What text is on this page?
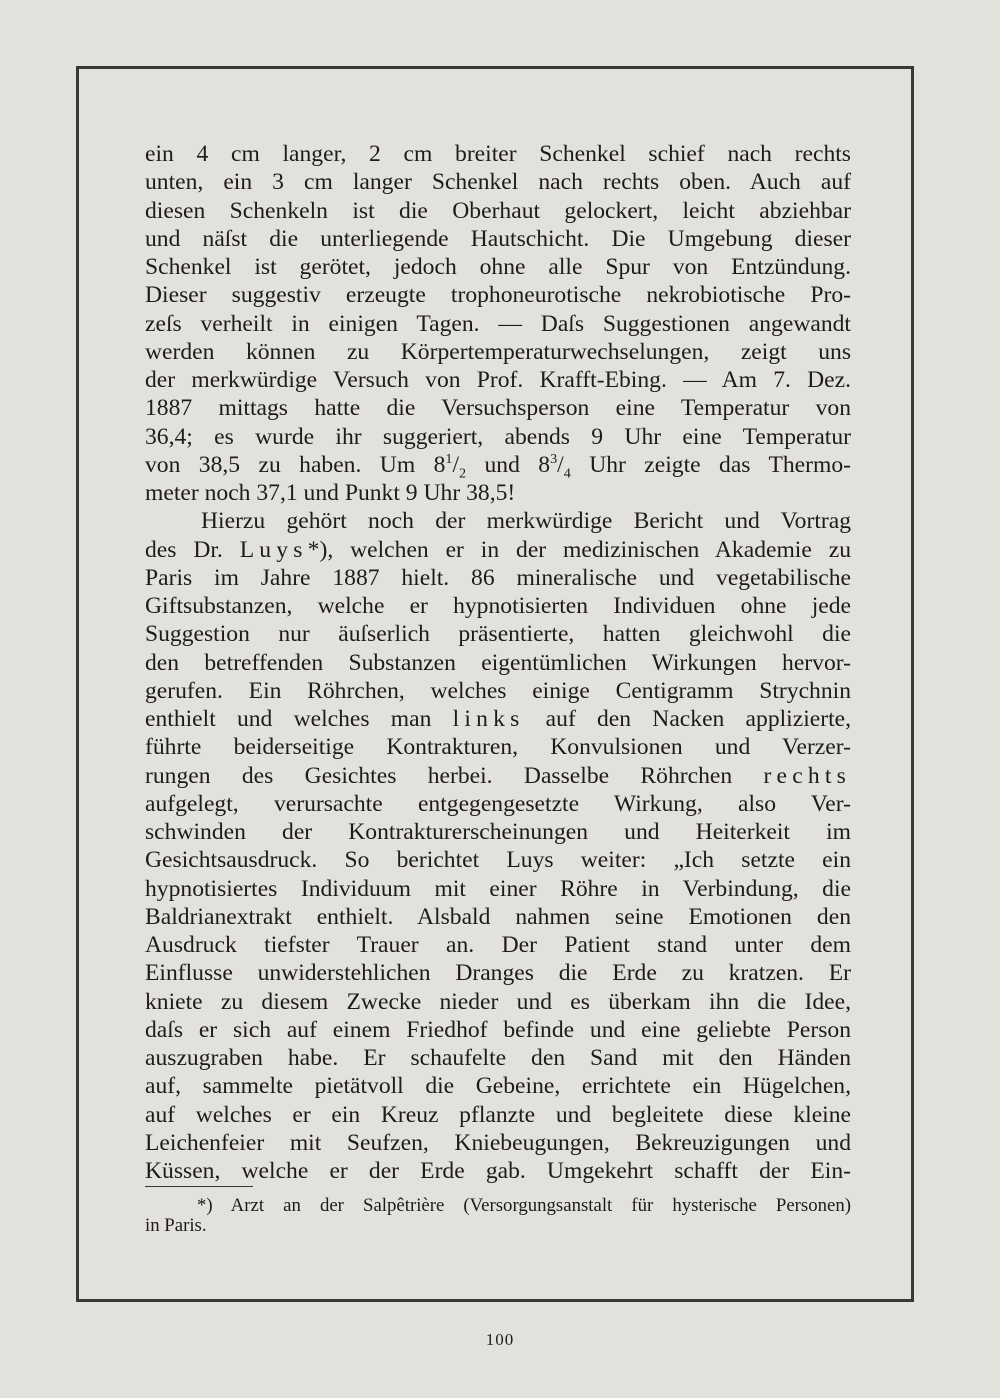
ein 4 cm langer, 2 cm breiter Schenkel schief nach rechts
unten, ein 3 cm langer Schenkel nach rechts oben. Auch auf
diesen Schenkeln ist die Oberhaut gelockert, leicht abziehbar
und näſst die unterliegende Hautschicht. Die Umgebung dieser
Schenkel ist gerötet, jedoch ohne alle Spur von Entzündung.
Dieser suggestiv erzeugte trophoneurotische nekrobiotische Pro-
zeſs verheilt in einigen Tagen. — Daſs Suggestionen angewandt
werden können zu Körpertemperaturwechselungen, zeigt uns
der merkwürdige Versuch von Prof. Krafft-Ebing. — Am 7. Dez.
1887 mittags hatte die Versuchsperson eine Temperatur von
36,4; es wurde ihr suggeriert, abends 9 Uhr eine Temperatur
von 38,5 zu haben. Um $8^1/_2$ und $8^3/_4$ Uhr zeigte das Thermo-
meter noch 37,1 und Punkt 9 Uhr 38,5!
Hierzu gehört noch der merkwürdige Bericht und Vortrag
des Dr. Luys*), welchen er in der medizinischen Akademie zu
Paris im Jahre 1887 hielt. 86 mineralische und vegetabilische
Giftsubstanzen, welche er hypnotisierten Individuen ohne jede
Suggestion nur äuſserlich präsentierte, hatten gleichwohl die
den betreffenden Substanzen eigentümlichen Wirkungen hervor-
gerufen. Ein Röhrchen, welches einige Centigramm Strychnin
enthielt und welches man links auf den Nacken applizierte,
führte beiderseitige Kontrakturen, Konvulsionen und Verzer-
rungen des Gesichtes herbei. Dasselbe Röhrchen rechts
aufgelegt, verursachte entgegengesetzte Wirkung, also Ver-
schwinden der Kontrakturerscheinungen und Heiterkeit im
Gesichtsausdruck. So berichtet Luys weiter: „Ich setzte ein
hypnotisiertes Individuum mit einer Röhre in Verbindung, die
Baldrianextrakt enthielt. Alsbald nahmen seine Emotionen den
Ausdruck tiefster Trauer an. Der Patient stand unter dem
Einflusse unwiderstehlichen Dranges die Erde zu kratzen. Er
kniete zu diesem Zwecke nieder und es überkam ihn die Idee,
daſs er sich auf einem Friedhof befinde und eine geliebte Person
auszugraben habe. Er schaufelte den Sand mit den Händen
auf, sammelte pietätvoll die Gebeine, errichtete ein Hügelchen,
auf welches er ein Kreuz pflanzte und begleitete diese kleine
Leichenfeier mit Seufzen, Kniebeugungen, Bekreuzigungen und
Küssen, welche er der Erde gab. Umgekehrt schafft der Ein-
*) Arzt an der Salpêtrière (Versorgungsanstalt für hysterische Personen)
in Paris.
100
